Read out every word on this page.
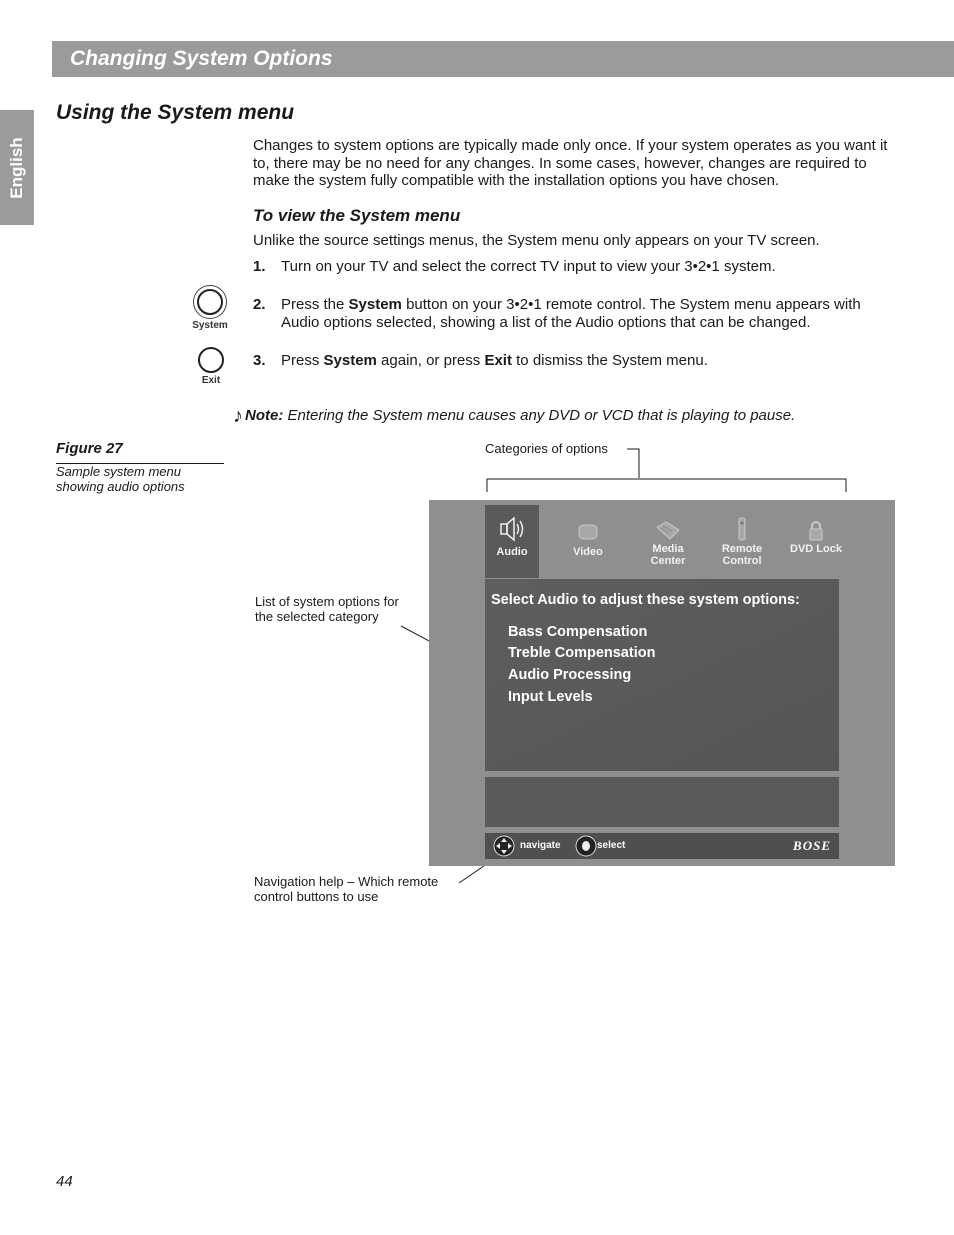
Changing System Options
English
Using the System menu
Changes to system options are typically made only once. If your system operates as you want it to, there may be no need for any changes. In some cases, however, changes are required to make the system fully compatible with the installation options you have chosen.
To view the System menu
Unlike the source settings menus, the System menu only appears on your TV screen.
1. Turn on your TV and select the correct TV input to view your 3•2•1 system.
2. Press the System button on your 3•2•1 remote control. The System menu appears with Audio options selected, showing a list of the Audio options that can be changed.
3. Press System again, or press Exit to dismiss the System menu.
System
Exit
♪ Note: Entering the System menu causes any DVD or VCD that is playing to pause.
Figure 27
Sample system menu showing audio options
Categories of options
List of system options for the selected category
Navigation help – Which remote control buttons to use
Audio	Video	Media Center
Remote Control
DVD Lock
Select Audio to adjust these system options:
Bass Compensation
Treble Compensation
Audio Processing
Input Levels
navigate	select	BOSE
44
